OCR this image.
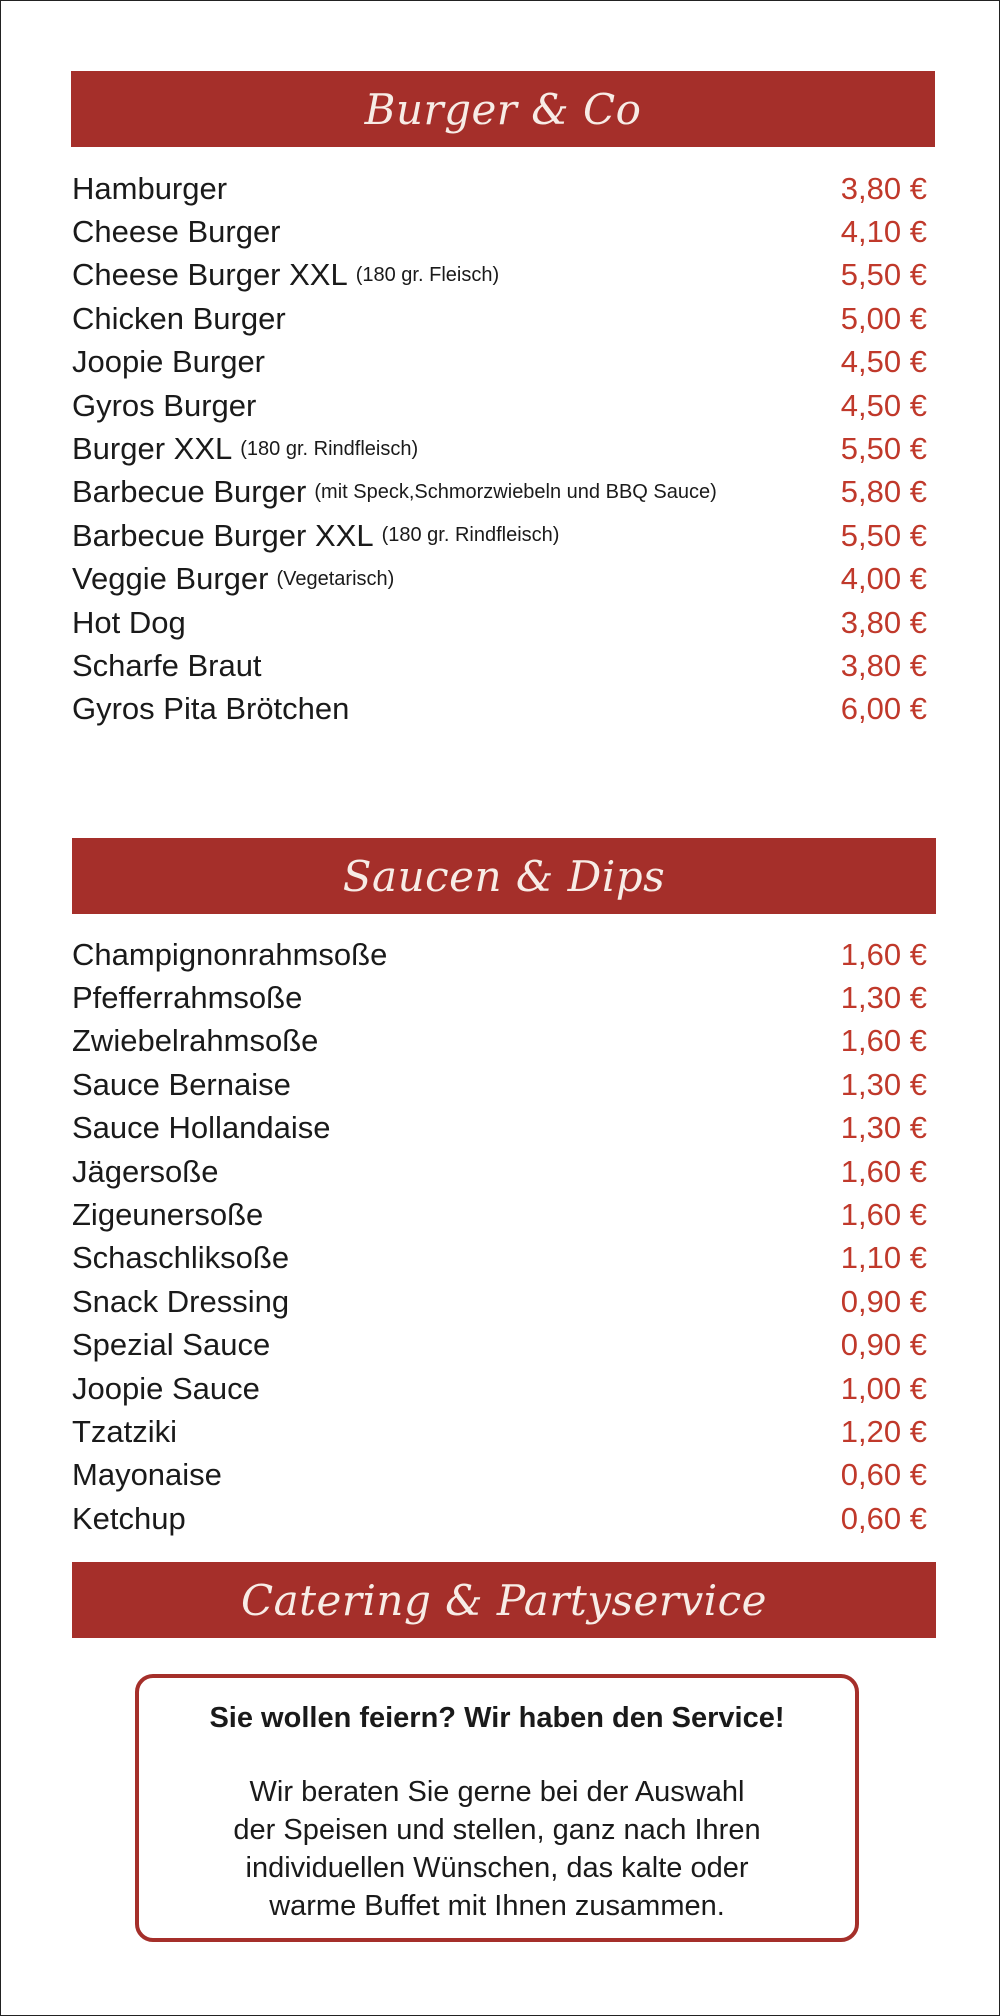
Burger & Co
Hamburger	3,80 €
Cheese Burger	4,10 €
Cheese Burger XXL (180 gr. Fleisch)	5,50 €
Chicken Burger	5,00 €
Joopie Burger	4,50 €
Gyros Burger	4,50 €
Burger XXL (180 gr. Rindfleisch)	5,50 €
Barbecue Burger (mit Speck,Schmorzwiebeln und BBQ Sauce)	5,80 €
Barbecue Burger XXL (180 gr. Rindfleisch)	5,50 €
Veggie Burger (Vegetarisch)	4,00 €
Hot Dog	3,80 €
Scharfe Braut	3,80 €
Gyros Pita Brötchen	6,00 €
Saucen & Dips
Champignonrahmsoße	1,60 €
Pfefferrahmsoße	1,30 €
Zwiebelrahmsoße	1,60 €
Sauce Bernaise	1,30 €
Sauce Hollandaise	1,30 €
Jägersoße	1,60 €
Zigeunersoße	1,60 €
Schaschliksoße	1,10 €
Snack Dressing	0,90 €
Spezial Sauce	0,90 €
Joopie Sauce	1,00 €
Tzatziki	1,20 €
Mayonaise	0,60 €
Ketchup	0,60 €
Catering & Partyservice
Sie wollen feiern? Wir haben den Service!
Wir beraten Sie gerne bei der Auswahl
der Speisen und stellen, ganz nach Ihren
individuellen Wünschen, das kalte oder
warme Buffet mit Ihnen zusammen.
